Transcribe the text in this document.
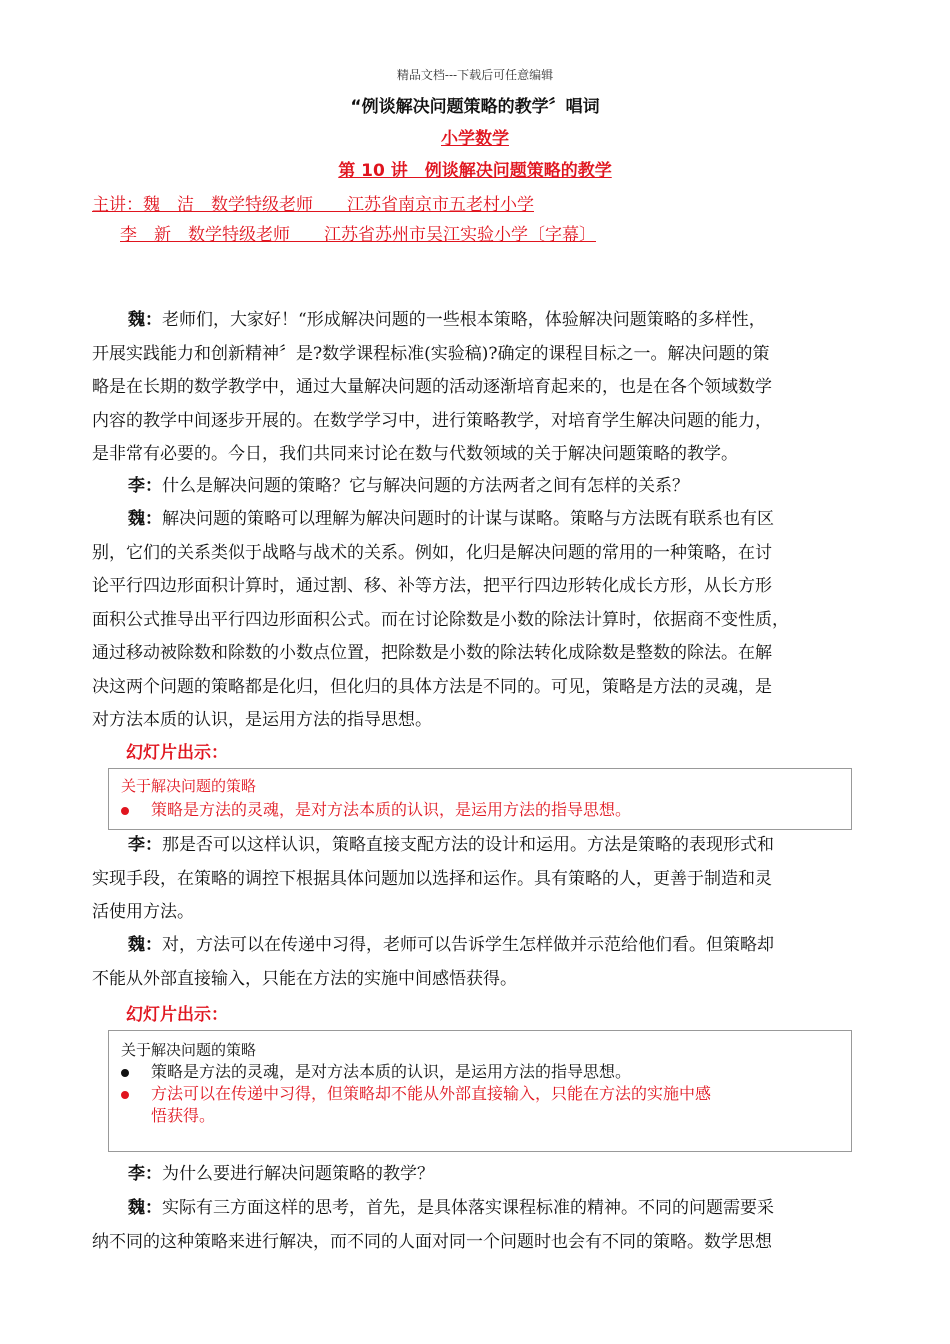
精品文档---下载后可任意编辑
“例谈解决问题策略的教学〞唱词
小学数学
第 10 讲　例谈解决问题策略的教学
主讲：魏　洁　数学特级老师　　江苏省南京市五老村小学
李　新　数学特级老师　　江苏省苏州市吴江实验小学〔字幕〕
魏：老师们，大家好！“形成解决问题的一些根本策略，体验解决问题策略的多样性，
开展实践能力和创新精神〞是?数学课程标准(实验稿)?确定的课程目标之一。解决问题的策
略是在长期的数学教学中，通过大量解决问题的活动逐渐培育起来的，也是在各个领域数学
内容的教学中间逐步开展的。在数学学习中，进行策略教学，对培育学生解决问题的能力，
是非常有必要的。今日，我们共同来讨论在数与代数领域的关于解决问题策略的教学。
李：什么是解决问题的策略？它与解决问题的方法两者之间有怎样的关系？
魏：解决问题的策略可以理解为解决问题时的计谋与谋略。策略与方法既有联系也有区
别，它们的关系类似于战略与战术的关系。例如，化归是解决问题的常用的一种策略，在讨
论平行四边形面积计算时，通过割、移、补等方法，把平行四边形转化成长方形，从长方形
面积公式推导出平行四边形面积公式。而在讨论除数是小数的除法计算时，依据商不变性质，
通过移动被除数和除数的小数点位置，把除数是小数的除法转化成除数是整数的除法。在解
决这两个问题的策略都是化归，但化归的具体方法是不同的。可见，策略是方法的灵魂，是
对方法本质的认识，是运用方法的指导思想。
幻灯片出示：
关于解决问题的策略
策略是方法的灵魂，是对方法本质的认识，是运用方法的指导思想。
李：那是否可以这样认识，策略直接支配方法的设计和运用。方法是策略的表现形式和
实现手段，在策略的调控下根据具体问题加以选择和运作。具有策略的人，更善于制造和灵
活使用方法。
魏：对，方法可以在传递中习得，老师可以告诉学生怎样做并示范给他们看。但策略却
不能从外部直接输入，只能在方法的实施中间感悟获得。
幻灯片出示：
关于解决问题的策略
策略是方法的灵魂，是对方法本质的认识，是运用方法的指导思想。
方法可以在传递中习得，但策略却不能从外部直接输入，只能在方法的实施中感
悟获得。
李：为什么要进行解决问题策略的教学？
魏：实际有三方面这样的思考，首先，是具体落实课程标准的精神。不同的问题需要采
纳不同的这种策略来进行解决，而不同的人面对同一个问题时也会有不同的策略。数学思想
